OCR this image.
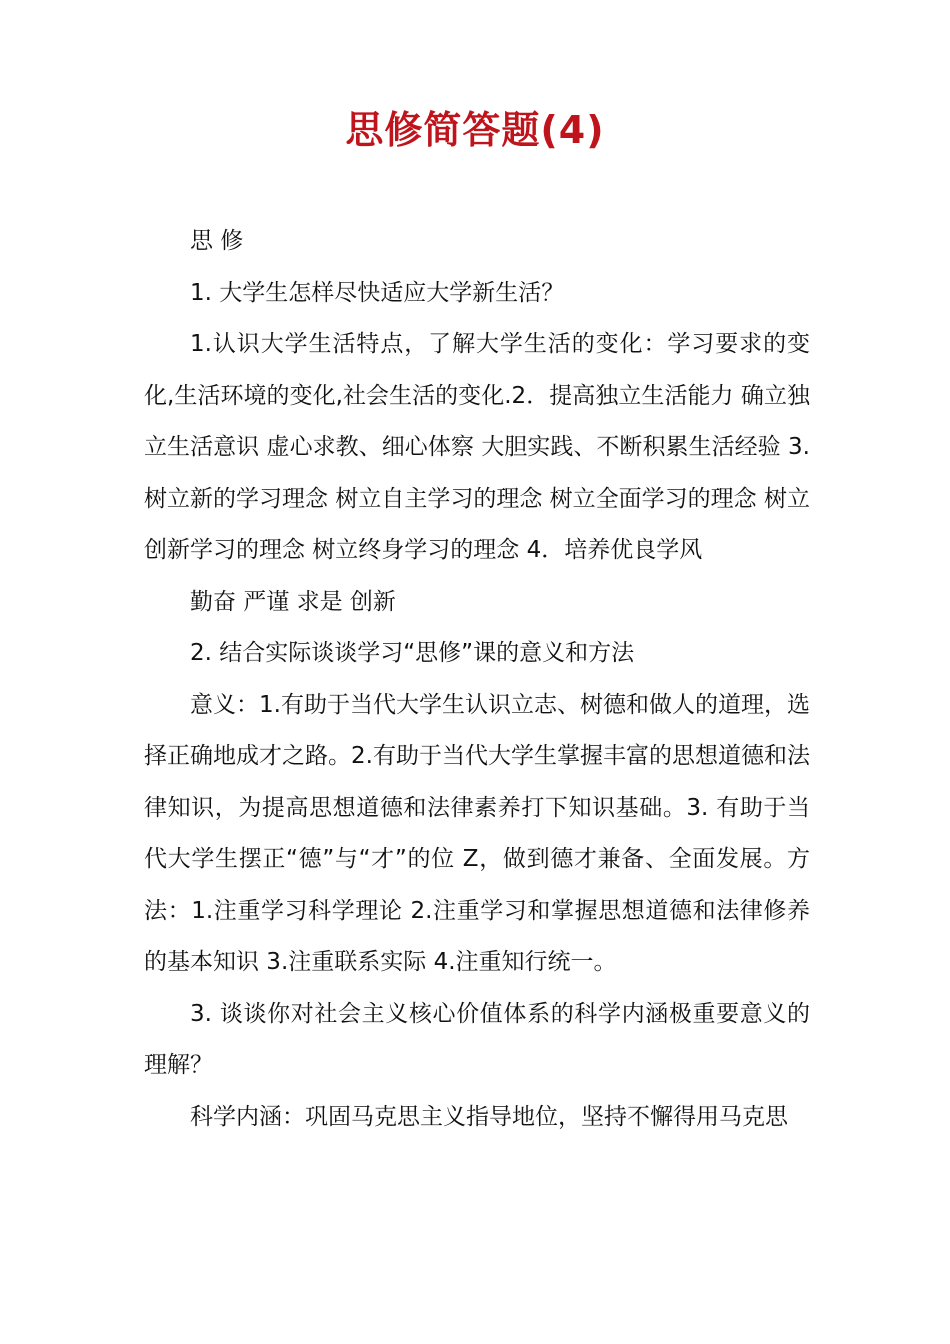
思修简答题(4)

思 修

1. 大学生怎样尽快适应大学新生活？

1.认识大学生活特点，了解大学生活的变化：学习要求的变化,生活环境的变化,社会生活的变化.2．提高独立生活能力 确立独立生活意识 虚心求教、细心体察 大胆实践、不断积累生活经验 3.树立新的学习理念 树立自主学习的理念 树立全面学习的理念 树立创新学习的理念 树立终身学习的理念 4．培养优良学风

勤奋 严谨 求是 创新

2. 结合实际谈谈学习“思修”课的意义和方法

意义：1.有助于当代大学生认识立志、树德和做人的道理，选择正确地成才之路。2.有助于当代大学生掌握丰富的思想道德和法律知识，为提高思想道德和法律素养打下知识基础。3. 有助于当代大学生摆正“德”与“才”的位 Z，做到德才兼备、全面发展。方法：1.注重学习科学理论 2.注重学习和掌握思想道德和法律修养的基本知识 3.注重联系实际 4.注重知行统一。

3. 谈谈你对社会主义核心价值体系的科学内涵极重要意义的理解？

科学内涵：巩固马克思主义指导地位，坚持不懈得用马克思
